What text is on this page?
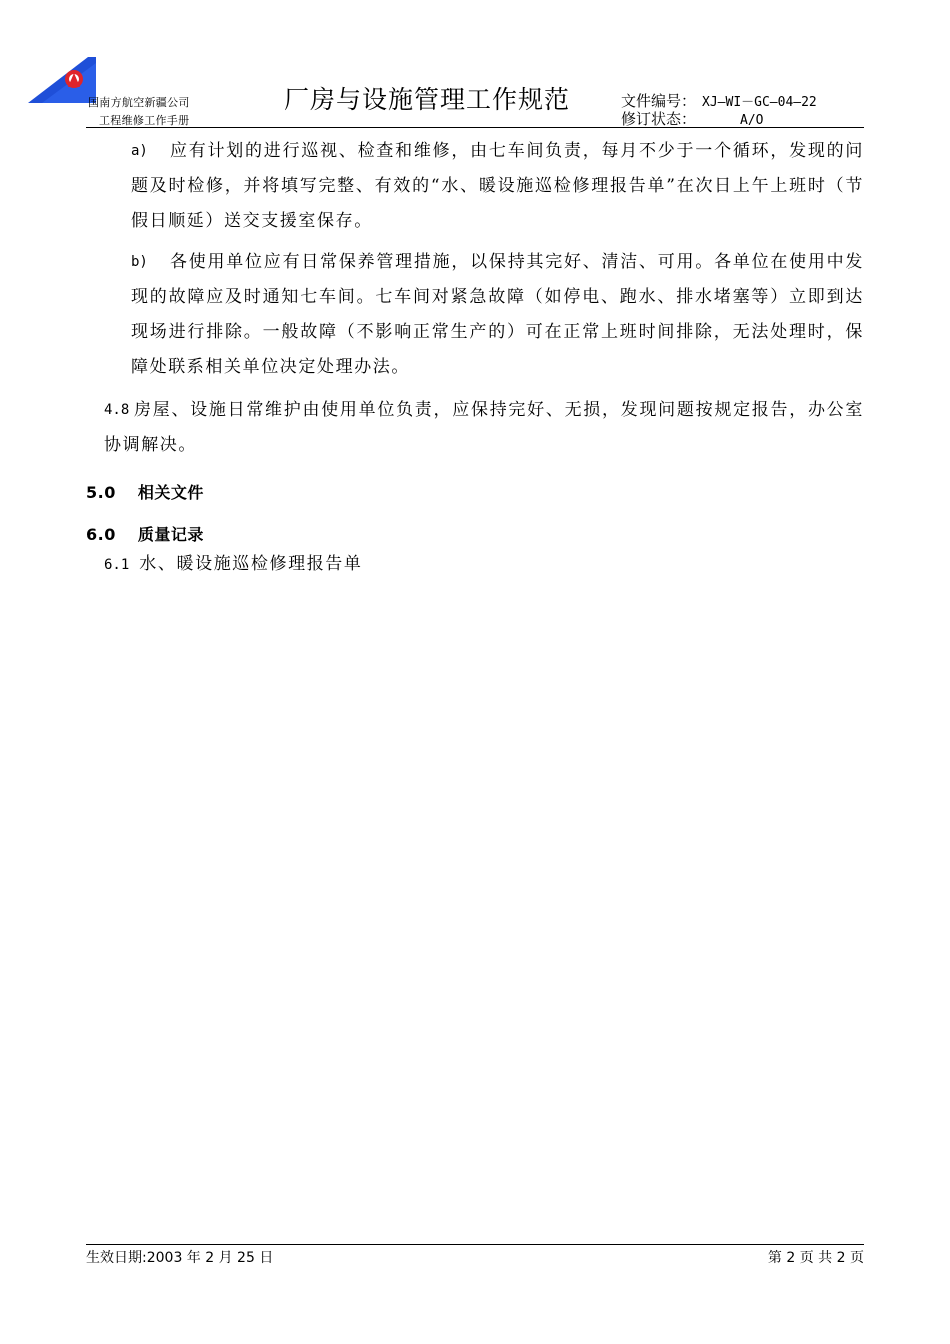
国南方航空新疆公司
工程维修工作手册
厂房与设施管理工作规范	文件编号： XJ—WI－GC—04—22
修订状态：	A/O
a)	应有计划的进行巡视、检查和维修，由七车间负责，每月不少于一个循环，发现的问题及时检修，并将填写完整、有效的“水、暖设施巡检修理报告单”在次日上午上班时（节假日顺延）送交支援室保存。
b)	各使用单位应有日常保养管理措施，以保持其完好、清洁、可用。各单位在使用中发现的故障应及时通知七车间。七车间对紧急故障（如停电、跑水、排水堵塞等）立即到达现场进行排除。一般故障（不影响正常生产的）可在正常上班时间排除，无法处理时，保障处联系相关单位决定处理办法。
4.8 房屋、设施日常维护由使用单位负责，应保持完好、无损，发现问题按规定报告，办公室协调解决。
5.0 相关文件
6.0 质量记录
6.1 水、暖设施巡检修理报告单
生效日期:2003 年 2 月 25 日	第 2 页 共 2 页
